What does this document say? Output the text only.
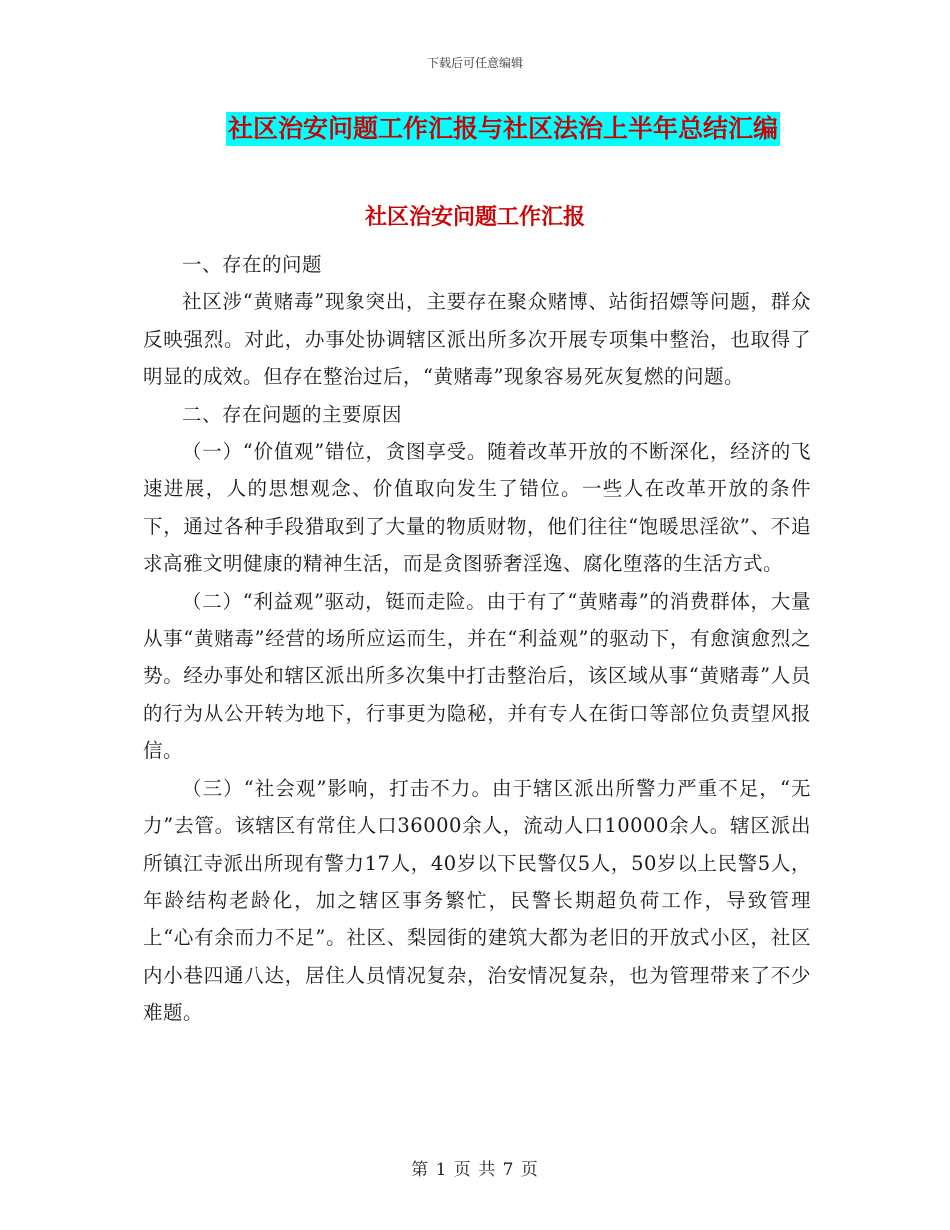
下载后可任意编辑
社区治安问题工作汇报与社区法治上半年总结汇编
社区治安问题工作汇报

一、存在的问题

社区涉“黄赌毒”现象突出，主要存在聚众赌博、站街招嫖等问题，群众反映强烈。对此，办事处协调辖区派出所多次开展专项集中整治，也取得了明显的成效。但存在整治过后，“黄赌毒”现象容易死灰复燃的问题。

二、存在问题的主要原因

（一）“价值观”错位，贪图享受。随着改革开放的不断深化，经济的飞速进展，人的思想观念、价值取向发生了错位。一些人在改革开放的条件下，通过各种手段猎取到了大量的物质财物，他们往往“饱暖思淫欲”、不追求高雅文明健康的精神生活，而是贪图骄奢淫逸、腐化堕落的生活方式。

（二）“利益观”驱动，铤而走险。由于有了“黄赌毒”的消费群体，大量从事“黄赌毒”经营的场所应运而生，并在“利益观”的驱动下，有愈演愈烈之势。经办事处和辖区派出所多次集中打击整治后，该区域从事“黄赌毒”人员的行为从公开转为地下，行事更为隐秘，并有专人在街口等部位负责望风报信。

（三）“社会观”影响，打击不力。由于辖区派出所警力严重不足，“无力”去管。该辖区有常住人口36000余人，流动人口10000余人。辖区派出所镇江寺派出所现有警力17人，40岁以下民警仅5人，50岁以上民警5人，年龄结构老龄化，加之辖区事务繁忙，民警长期超负荷工作，导致管理上“心有余而力不足”。社区、梨园街的建筑大都为老旧的开放式小区，社区内小巷四通八达，居住人员情况复杂，治安情况复杂，也为管理带来了不少难题。

第 1 页 共 7 页
